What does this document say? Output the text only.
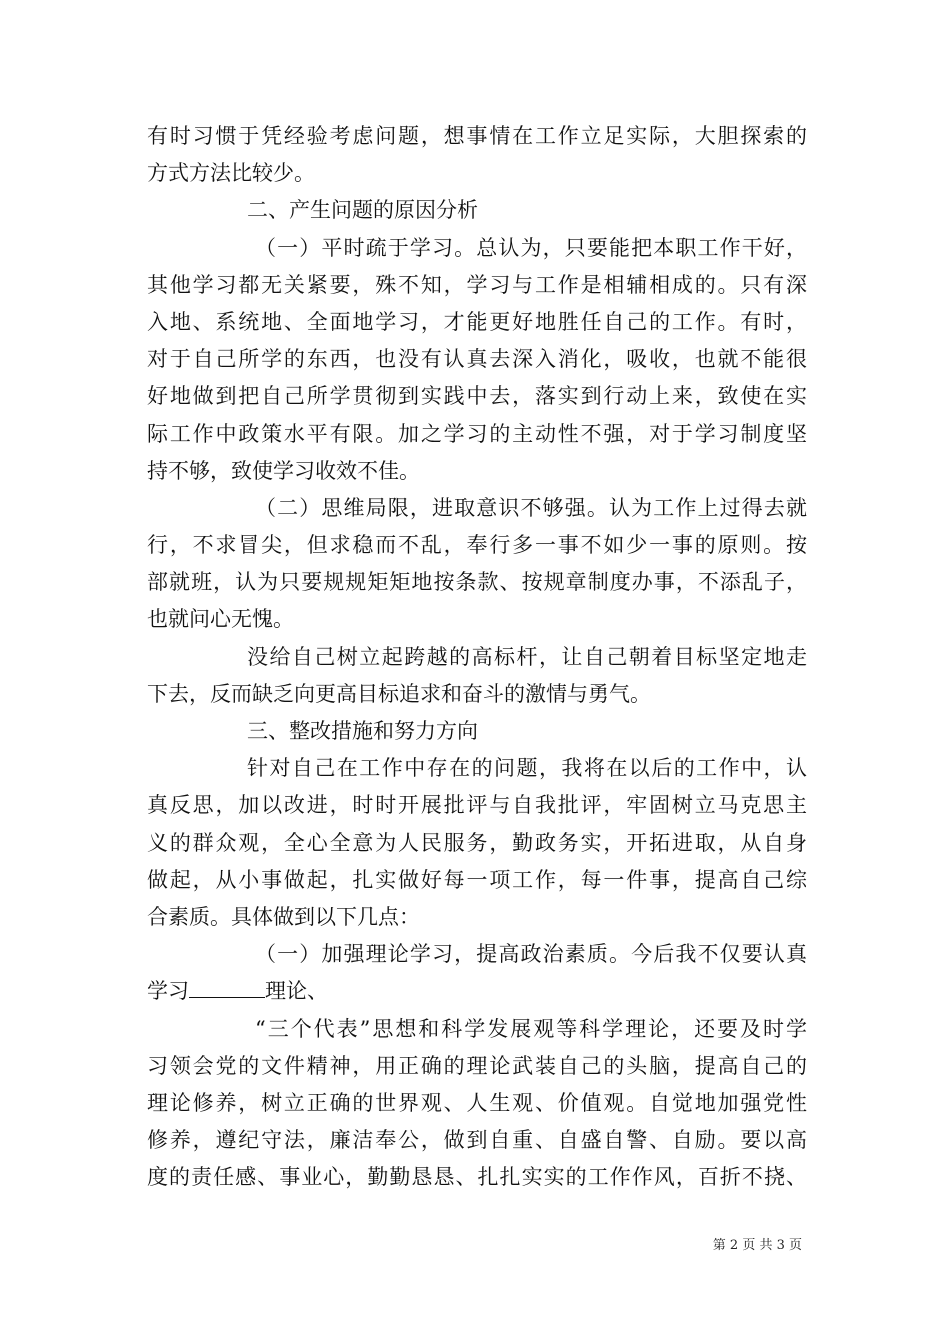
有时习惯于凭经验考虑问题，想事情在工作立足实际，大胆探索的
方式方法比较少。
二、产生问题的原因分析
（一）平时疏于学习。总认为，只要能把本职工作干好，
其他学习都无关紧要，殊不知，学习与工作是相辅相成的。只有深
入地、系统地、全面地学习，才能更好地胜任自己的工作。有时，
对于自己所学的东西，也没有认真去深入消化，吸收，也就不能很
好地做到把自己所学贯彻到实践中去，落实到行动上来，致使在实
际工作中政策水平有限。加之学习的主动性不强，对于学习制度坚
持不够，致使学习收效不佳。
（二）思维局限，进取意识不够强。认为工作上过得去就
行，不求冒尖，但求稳而不乱，奉行多一事不如少一事的原则。按
部就班，认为只要规规矩矩地按条款、按规章制度办事，不添乱子，
也就问心无愧。
没给自己树立起跨越的高标杆，让自己朝着目标坚定地走
下去，反而缺乏向更高目标追求和奋斗的激情与勇气。
三、整改措施和努力方向
针对自己在工作中存在的问题，我将在以后的工作中，认
真反思，加以改进，时时开展批评与自我批评，牢固树立马克思主
义的群众观，全心全意为人民服务，勤政务实，开拓进取，从自身
做起，从小事做起，扎实做好每一项工作，每一件事，提高自己综
合素质。具体做到以下几点：
（一）加强理论学习，提高政治素质。今后我不仅要认真
学习	理论、
“三个代表”思想和科学发展观等科学理论，还要及时学
习领会党的文件精神，用正确的理论武装自己的头脑，提高自己的
理论修养，树立正确的世界观、人生观、价值观。自觉地加强党性
修养，遵纪守法，廉洁奉公，做到自重、自盛自警、自励。要以高
度的责任感、事业心，勤勤恳恳、扎扎实实的工作作风，百折不挠、
第 2 页 共 3 页
